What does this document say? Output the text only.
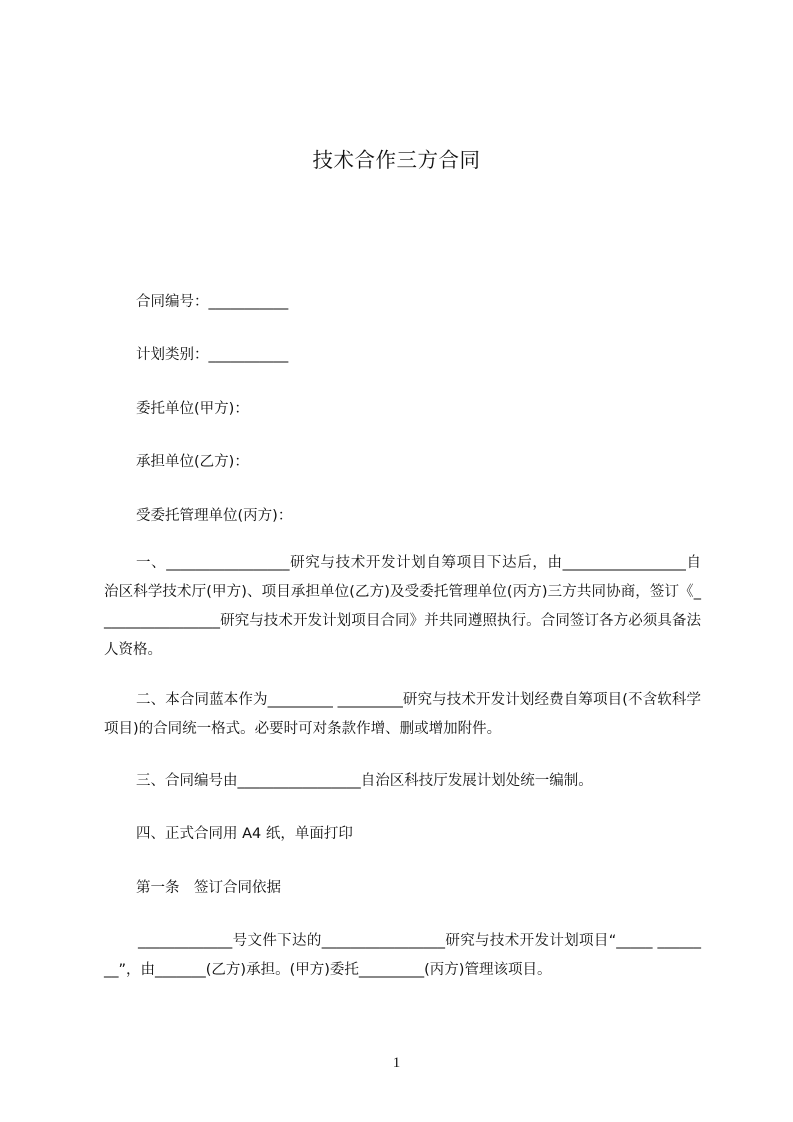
技术合作三方合同
合同编号：___________
计划类别：___________
委托单位(甲方)：
承担单位(乙方)：
受委托管理单位(丙方)：
一、_________________研究与技术开发计划自筹项目下达后，由_________________自治区科学技术厅(甲方)、项目承担单位(乙方)及受委托管理单位(丙方)三方共同协商，签订《_________________研究与技术开发计划项目合同》并共同遵照执行。合同签订各方必须具备法人资格。
二、本合同蓝本作为_________ _________研究与技术开发计划经费自筹项目(不含软科学项目)的合同统一格式。必要时可对条款作增、删或增加附件。
三、合同编号由_________________自治区科技厅发展计划处统一编制。
四、正式合同用 A4 纸，单面打印
第一条　签订合同依据
_____________号文件下达的_________________研究与技术开发计划项目“_____ ________”，由_______(乙方)承担。(甲方)委托_________(丙方)管理该项目。
1
